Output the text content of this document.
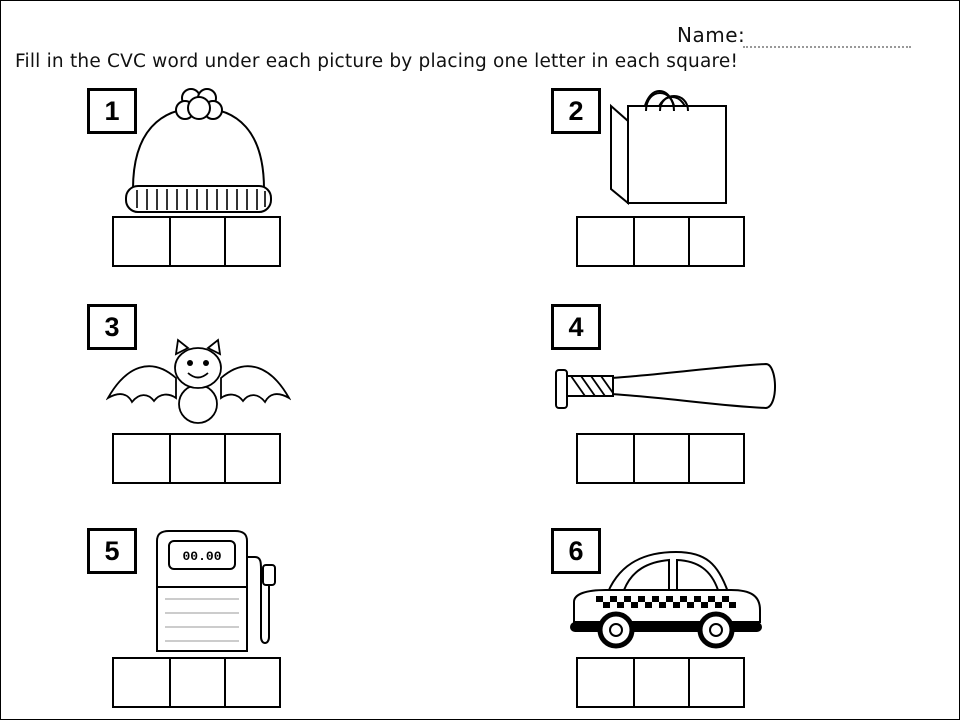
Name:
Fill in the CVC word under each picture by placing one letter in each square!
1	2
3	4
5	00.00	6
